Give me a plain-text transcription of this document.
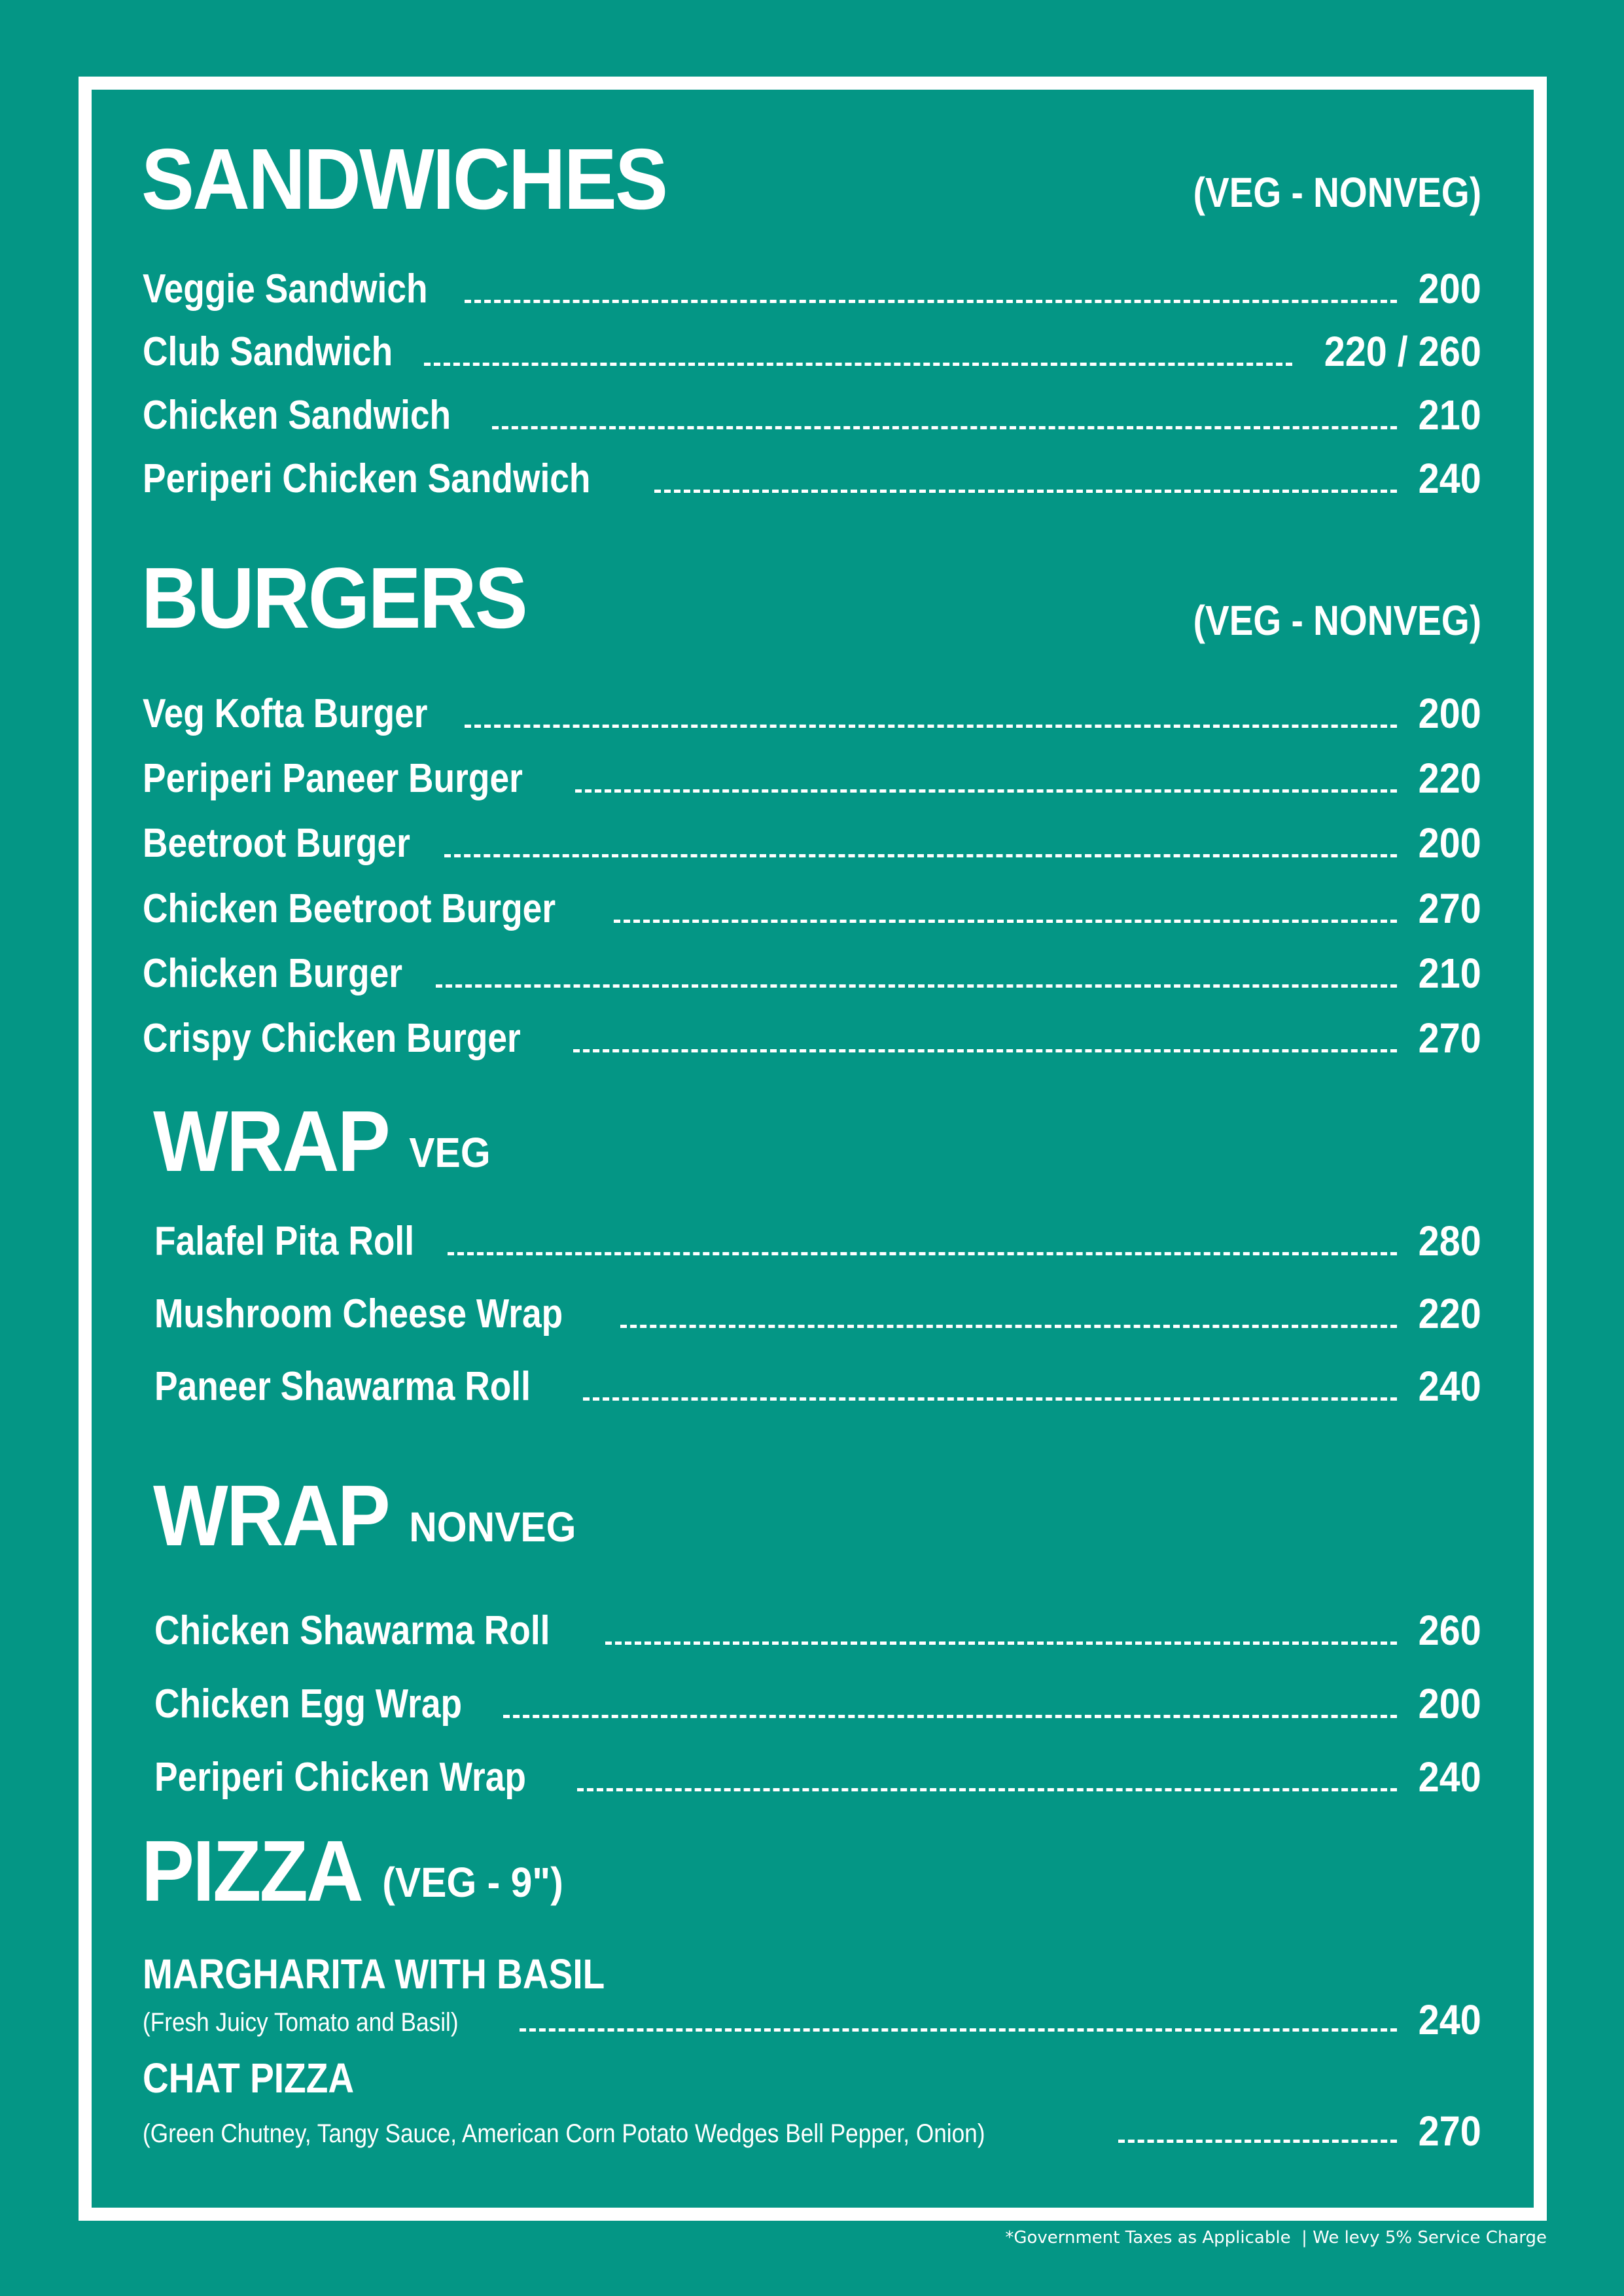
SANDWICHES	(VEG - NONVEG)
Veggie Sandwich	200
Club Sandwich	220 / 260
Chicken Sandwich	210
Periperi Chicken Sandwich	240
BURGERS	(VEG - NONVEG)
Veg Kofta Burger	200
Periperi Paneer Burger	220
Beetroot Burger	200
Chicken Beetroot Burger	270
Chicken Burger	210
Crispy Chicken Burger	270
WRAP VEG
Falafel Pita Roll	280
Mushroom Cheese Wrap	220
Paneer Shawarma Roll	240
WRAP NONVEG
Chicken Shawarma Roll	260
Chicken Egg Wrap	200
Periperi Chicken Wrap	240
PIZZA (VEG - 9")
MARGHARITA WITH BASIL
(Fresh Juicy Tomato and Basil)	240
CHAT PIZZA
(Green Chutney, Tangy Sauce, American Corn Potato Wedges Bell Pepper, Onion)	270
*Government Taxes as Applicable  | We levy 5% Service Charge
